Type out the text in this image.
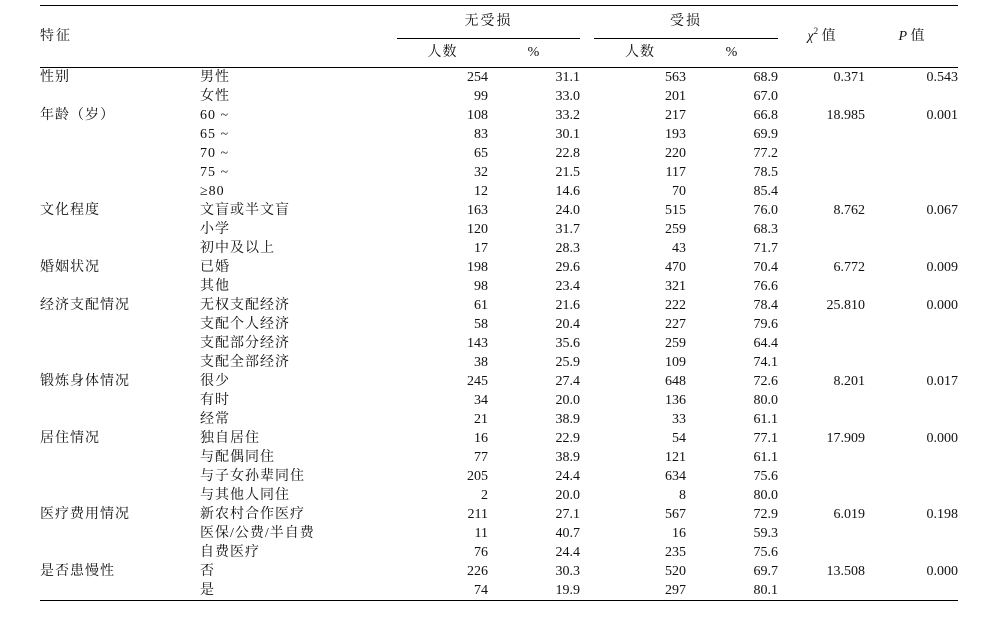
特征		无受损			受损		$\chi^2$ 值	P 值
		人数	%		人数	%		
性别	男性	254	31.1		563	68.9	0.371	0.543
	女性	99	33.0		201	67.0		
年龄（岁）	60 ~	108	33.2		217	66.8	18.985	0.001
	65 ~	83	30.1		193	69.9		
	70 ~	65	22.8		220	77.2		
	75 ~	32	21.5		117	78.5		
	≥80	12	14.6		70	85.4		
文化程度	文盲或半文盲	163	24.0		515	76.0	8.762	0.067
	小学	120	31.7		259	68.3		
	初中及以上	17	28.3		43	71.7		
婚姻状况	已婚	198	29.6		470	70.4	6.772	0.009
	其他	98	23.4		321	76.6		
经济支配情况	无权支配经济	61	21.6		222	78.4	25.810	0.000
	支配个人经济	58	20.4		227	79.6		
	支配部分经济	143	35.6		259	64.4		
	支配全部经济	38	25.9		109	74.1		
锻炼身体情况	很少	245	27.4		648	72.6	8.201	0.017
	有时	34	20.0		136	80.0		
	经常	21	38.9		33	61.1		
居住情况	独自居住	16	22.9		54	77.1	17.909	0.000
	与配偶同住	77	38.9		121	61.1		
	与子女孙辈同住	205	24.4		634	75.6		
	与其他人同住	2	20.0		8	80.0		
医疗费用情况	新农村合作医疗	211	27.1		567	72.9	6.019	0.198
	医保/公费/半自费	11	40.7		16	59.3		
	自费医疗	76	24.4		235	75.6		
是否患慢性	否	226	30.3		520	69.7	13.508	0.000
	是	74	19.9		297	80.1		
